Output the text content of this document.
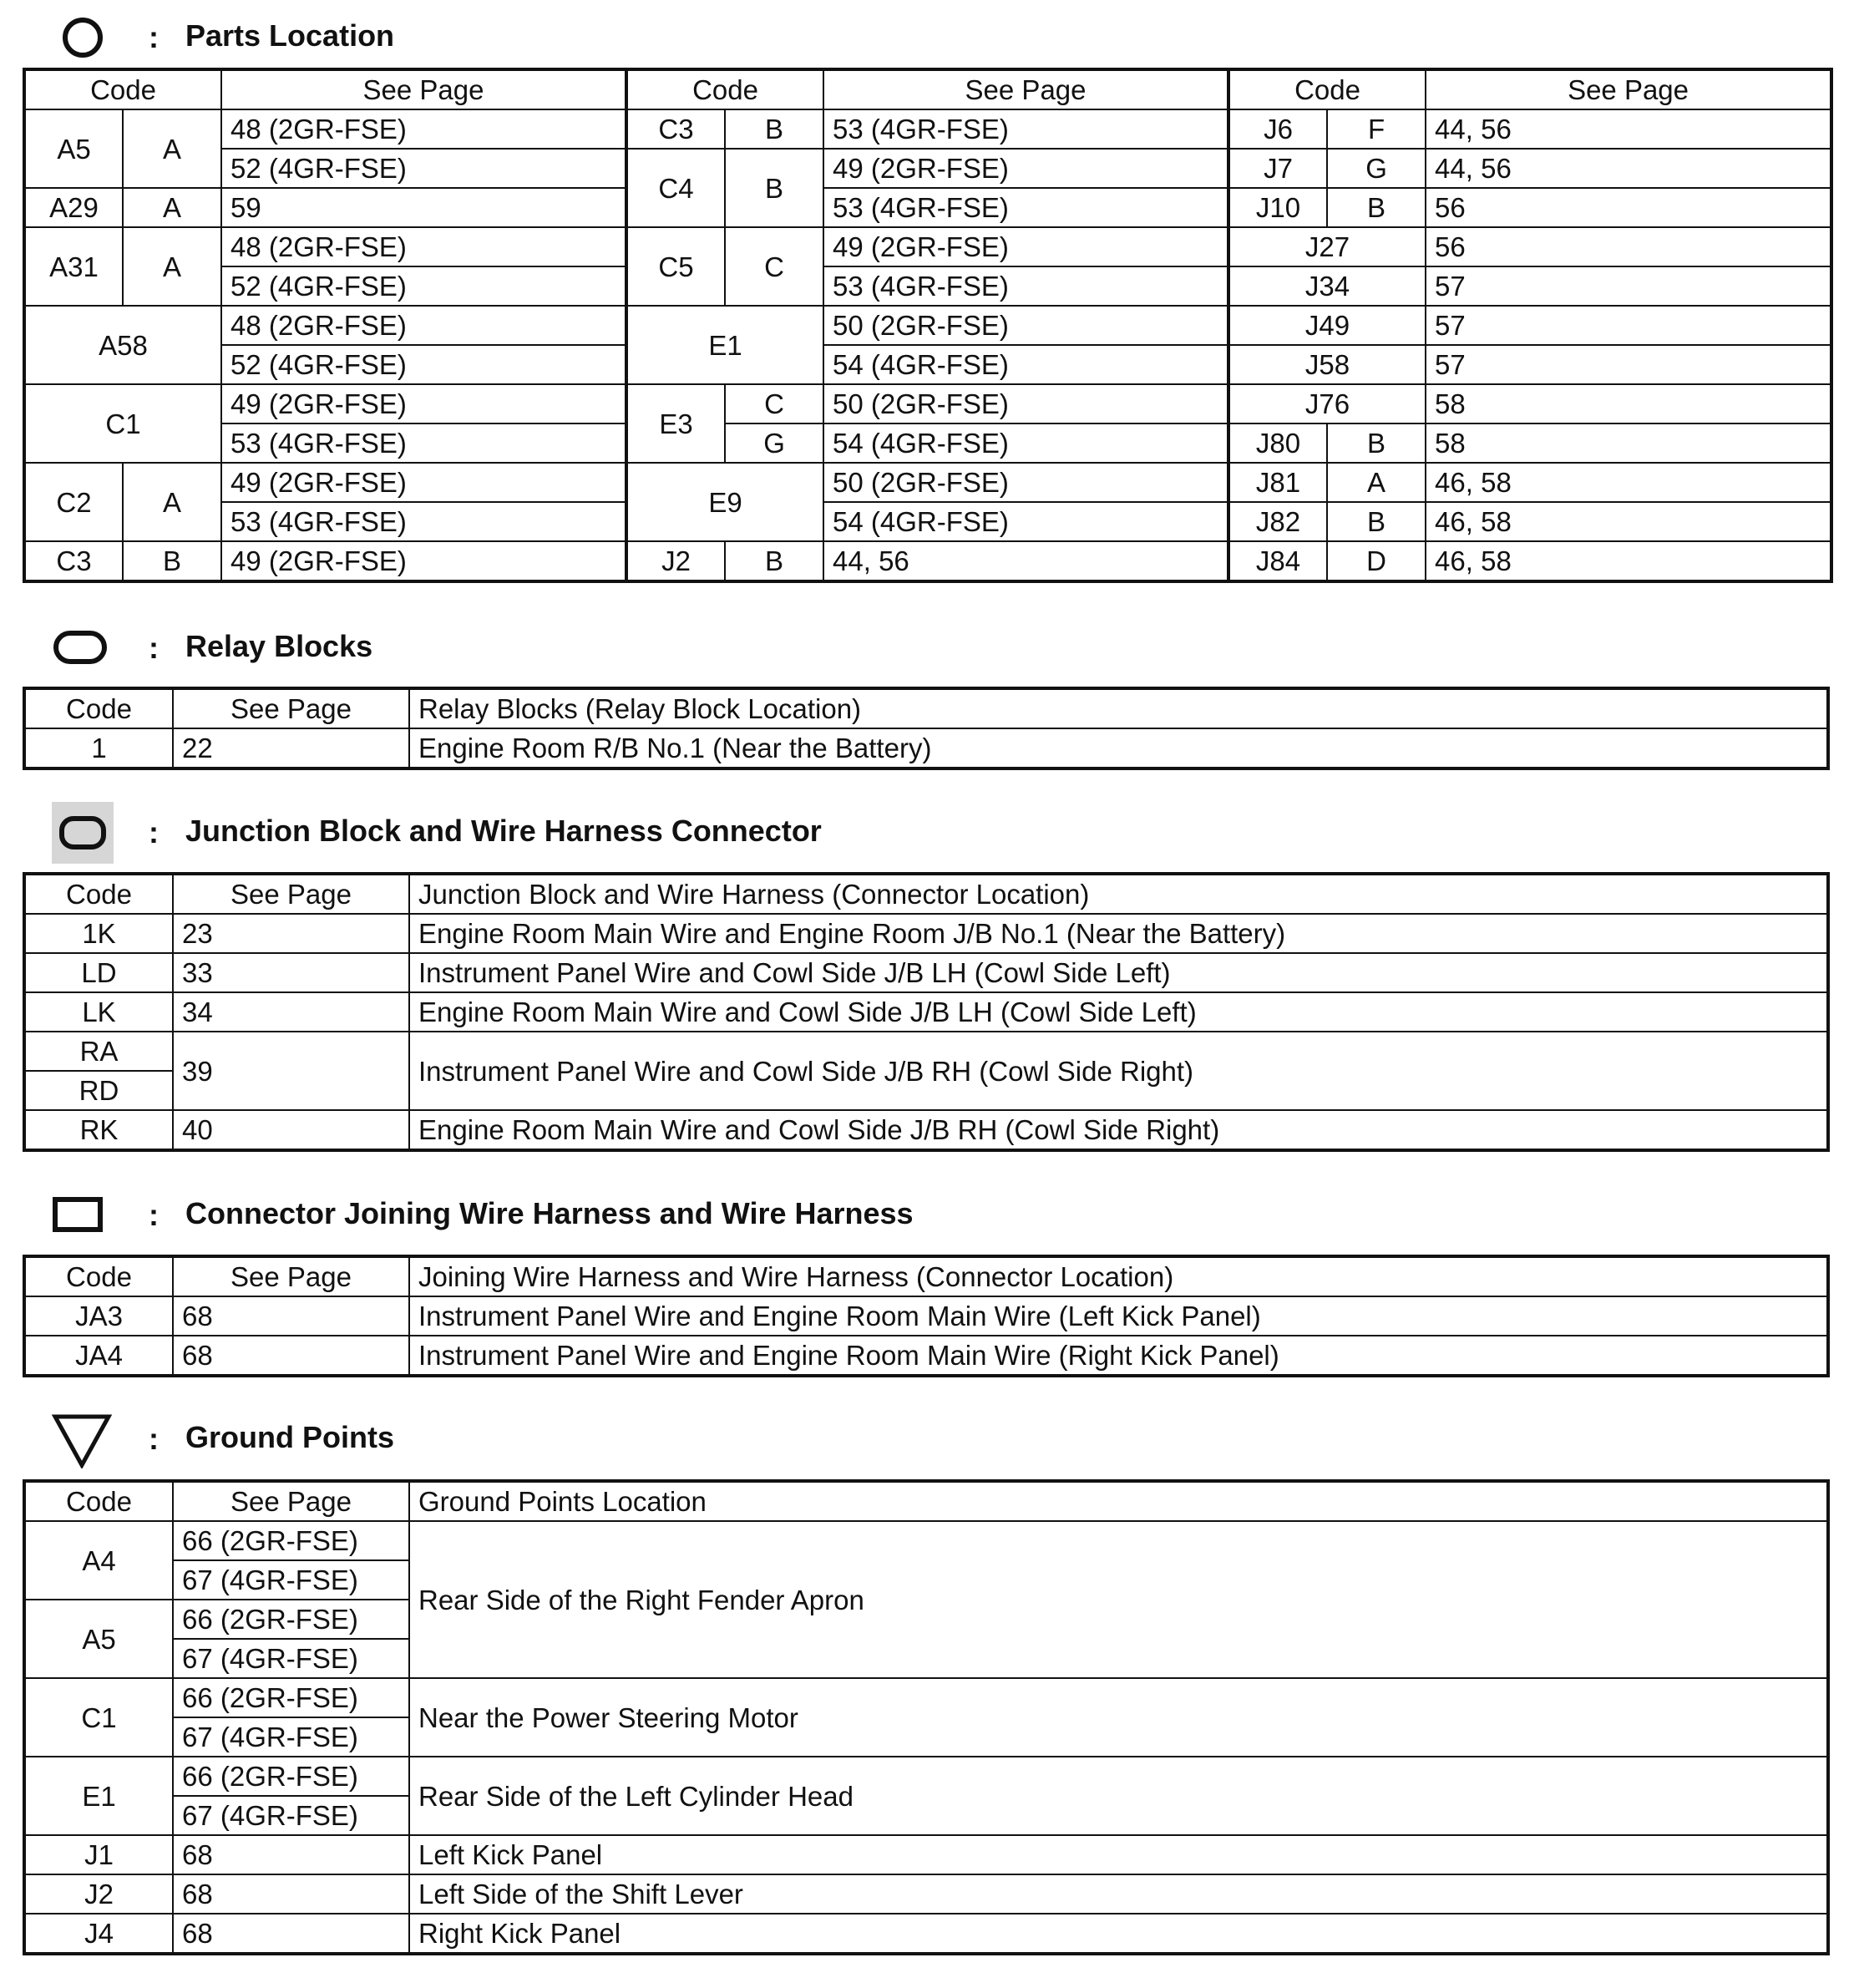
: Parts Location
Code		See Page	Code		See Page	Code		See Page
A5	A	48 (2GR-FSE)	C3	B	53 (4GR-FSE)	J6	F	44, 56
		52 (4GR-FSE)	C4	B	49 (2GR-FSE)	J7	G	44, 56
A29	A	59			53 (4GR-FSE)	J10	B	56
A31	A	48 (2GR-FSE)	C5	C	49 (2GR-FSE)	J27		56
		52 (4GR-FSE)			53 (4GR-FSE)	J34		57
A58		48 (2GR-FSE)	E1		50 (2GR-FSE)	J49		57
		52 (4GR-FSE)			54 (4GR-FSE)	J58		57
C1		49 (2GR-FSE)	E3	C	50 (2GR-FSE)	J76		58
		53 (4GR-FSE)		G	54 (4GR-FSE)	J80	B	58
C2	A	49 (2GR-FSE)	E9		50 (2GR-FSE)	J81	A	46, 58
		53 (4GR-FSE)			54 (4GR-FSE)	J82	B	46, 58
C3	B	49 (2GR-FSE)	J2	B	44, 56	J84	D	46, 58
: Relay Blocks
Code	See Page	Relay Blocks (Relay Block Location)
1	22	Engine Room R/B No.1 (Near the Battery)
: Junction Block and Wire Harness Connector
Code	See Page	Junction Block and Wire Harness (Connector Location)
1K	23	Engine Room Main Wire and Engine Room J/B No.1 (Near the Battery)
LD	33	Instrument Panel Wire and Cowl Side J/B LH (Cowl Side Left)
LK	34	Engine Room Main Wire and Cowl Side J/B LH (Cowl Side Left)
RA	39	Instrument Panel Wire and Cowl Side J/B RH (Cowl Side Right)
RD		
RK	40	Engine Room Main Wire and Cowl Side J/B RH (Cowl Side Right)
: Connector Joining Wire Harness and Wire Harness
Code	See Page	Joining Wire Harness and Wire Harness (Connector Location)
JA3	68	Instrument Panel Wire and Engine Room Main Wire (Left Kick Panel)
JA4	68	Instrument Panel Wire and Engine Room Main Wire (Right Kick Panel)
: Ground Points
Code	See Page	Ground Points Location
A4	66 (2GR-FSE)	Rear Side of the Right Fender Apron
	67 (4GR-FSE)	
A5	66 (2GR-FSE)	
	67 (4GR-FSE)	
C1	66 (2GR-FSE)	Near the Power Steering Motor
	67 (4GR-FSE)	
E1	66 (2GR-FSE)	Rear Side of the Left Cylinder Head
	67 (4GR-FSE)	
J1	68	Left Kick Panel
J2	68	Left Side of the Shift Lever
J4	68	Right Kick Panel
